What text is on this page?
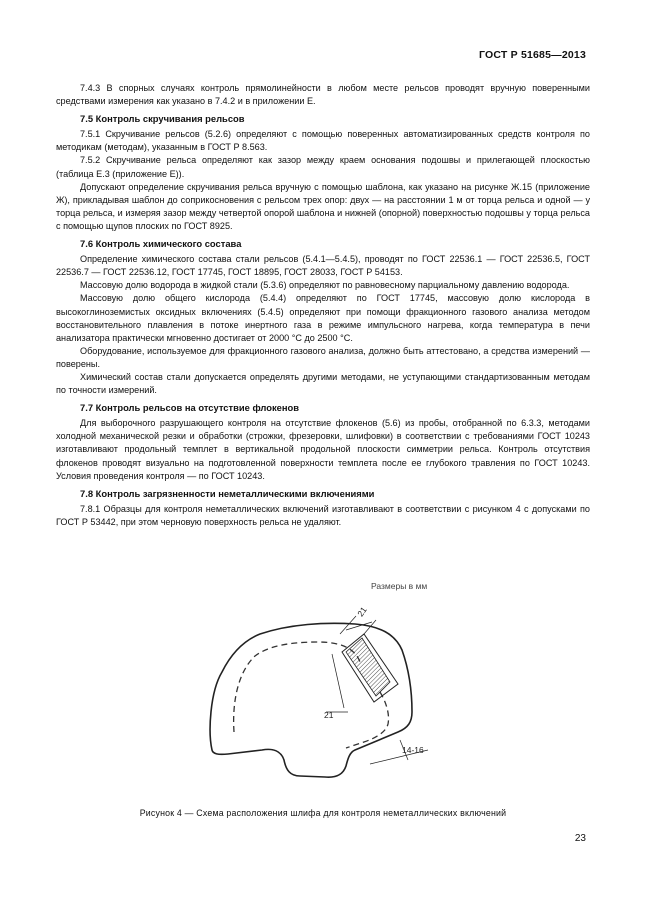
ГОСТ Р 51685—2013
7.4.3 В спорных случаях контроль прямолинейности в любом месте рельсов проводят вручную поверенными средствами измерения как указано в 7.4.2 и в приложении Е.
7.5 Контроль скручивания рельсов
7.5.1 Скручивание рельсов (5.2.6) определяют с помощью поверенных автоматизированных средств контроля по методикам (методам), указанным в ГОСТ Р 8.563.
7.5.2 Скручивание рельса определяют как зазор между краем основания подошвы и прилегающей плоскостью (таблица Е.3 (приложение Е)).
Допускают определение скручивания рельса вручную с помощью шаблона, как указано на рисунке Ж.15 (приложение Ж), прикладывая шаблон до соприкосновения с рельсом трех опор: двух — на расстоянии 1 м от торца рельса и одной — у торца рельса, и измеряя зазор между четвертой опорой шаблона и нижней (опорной) поверхностью подошвы у торца рельса с помощью щупов плоских по ГОСТ 8925.
7.6 Контроль химического состава
Определение химического состава стали рельсов (5.4.1—5.4.5), проводят по ГОСТ 22536.1 — ГОСТ 22536.5, ГОСТ 22536.7 — ГОСТ 22536.12, ГОСТ 17745, ГОСТ 18895, ГОСТ 28033, ГОСТ Р 54153.
Массовую долю водорода в жидкой стали (5.3.6) определяют по равновесному парциальному давлению водорода.
Массовую долю общего кислорода (5.4.4) определяют по ГОСТ 17745, массовую долю кислорода в высокоглиноземистых оксидных включениях (5.4.5) определяют при помощи фракционного газового анализа методом восстановительного плавления в потоке инертного газа в режиме импульсного нагрева, когда температура в печи анализатора практически мгновенно достигает от 2000 °С до 2500 °С.
Оборудование, используемое для фракционного газового анализа, должно быть аттестовано, а средства измерений — поверены.
Химический состав стали допускается определять другими методами, не уступающими стандартизованным методам по точности измерений.
7.7 Контроль рельсов на отсутствие флокенов
Для выборочного разрушающего контроля на отсутствие флокенов (5.6) из пробы, отобранной по 6.3.3, методами холодной механической резки и обработки (строжки, фрезеровки, шлифовки) в соответствии с требованиями ГОСТ 10243 изготавливают продольный темплет в вертикальной продольной плоскости симметрии рельса. Контроль отсутствия флокенов проводят визуально на подготовленной поверхности темплета после ее глубокого травления по ГОСТ 10243. Условия проведения контроля — по ГОСТ 10243.
7.8 Контроль загрязненности неметаллическими включениями
7.8.1 Образцы для контроля неметаллических включений изготавливают в соответствии с рисунком 4 с допусками по ГОСТ Р 53442, при этом черновую поверхность рельса не удаляют.
Размеры в мм
21
21
14-16
Рисунок 4 — Схема расположения шлифа для контроля неметаллических включений
23
